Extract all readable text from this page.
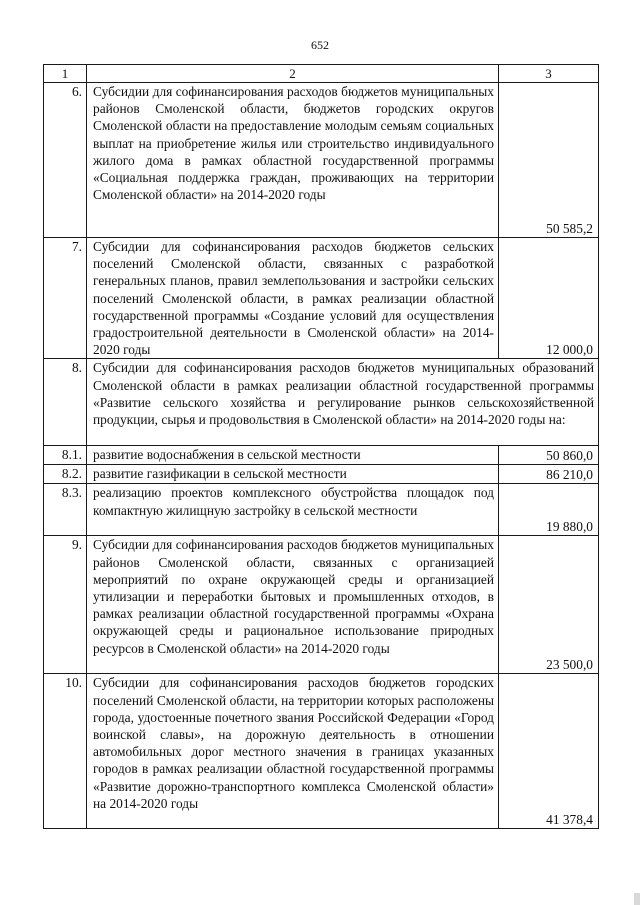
652
1	2	3
6.	Субсидии для софинансирования расходов бюджетов муниципальных районов Смоленской области, бюджетов городских округов Смоленской области на предоставление молодым семьям социальных выплат на приобретение жилья или строительство индивидуального жилого дома в рамках областной государственной программы «Социальная поддержка граждан, проживающих на территории Смоленской области» на 2014-2020 годы	50 585,2
7.	Субсидии для софинансирования расходов бюджетов сельских поселений Смоленской области, связанных с разработкой генеральных планов, правил землепользования и застройки сельских поселений Смоленской области, в рамках реализации областной государственной программы «Создание условий для осуществления градостроительной деятельности в Смоленской области» на 2014-2020 годы	12 000,0
8.	Субсидии для софинансирования расходов бюджетов муниципальных образований Смоленской области в рамках реализации областной государственной программы «Развитие сельского хозяйства и регулирование рынков сельскохозяйственной продукции, сырья и продовольствия в Смоленской области» на 2014-2020 годы на:	
8.1.	развитие водоснабжения в сельской местности	50 860,0
8.2.	развитие газификации в сельской местности	86 210,0
8.3.	реализацию проектов комплексного обустройства площадок под компактную жилищную застройку в сельской местности	19 880,0
9.	Субсидии для софинансирования расходов бюджетов муниципальных районов Смоленской области, связанных с организацией мероприятий по охране окружающей среды и организацией утилизации и переработки бытовых и промышленных отходов, в рамках реализации областной государственной программы «Охрана окружающей среды и рациональное использование природных ресурсов в Смоленской области» на 2014-2020 годы	23 500,0
10.	Субсидии для софинансирования расходов бюджетов городских поселений Смоленской области, на территории которых расположены города, удостоенные почетного звания Российской Федерации «Город воинской славы», на дорожную деятельность в отношении автомобильных дорог местного значения в границах указанных городов в рамках реализации областной государственной программы «Развитие дорожно-транспортного комплекса Смоленской области» на 2014-2020 годы	41 378,4
